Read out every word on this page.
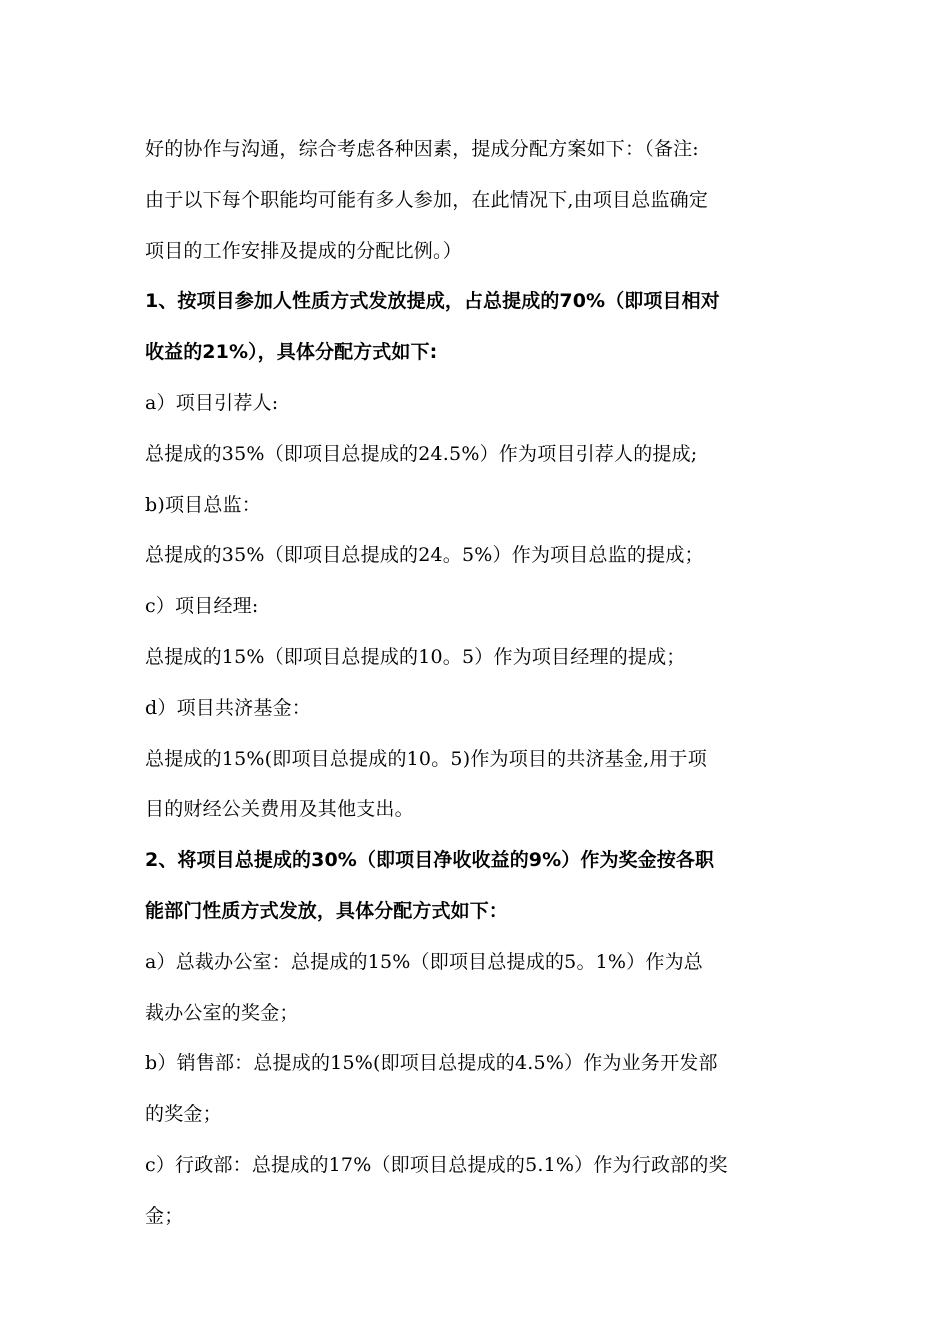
好的协作与沟通，综合考虑各种因素，提成分配方案如下：（备注:
由于以下每个职能均可能有多人参加，在此情况下,由项目总监确定
项目的工作安排及提成的分配比例。）
1、按项目参加人性质方式发放提成，占总提成的70%（即项目相对
收益的21%），具体分配方式如下:
a）项目引荐人:
总提成的35%（即项目总提成的24.5%）作为项目引荐人的提成;
b)项目总监：
总提成的35%（即项目总提成的24。5%）作为项目总监的提成；
c）项目经理:
总提成的15%（即项目总提成的10。5）作为项目经理的提成；
d）项目共济基金：
总提成的15%(即项目总提成的10。5)作为项目的共济基金,用于项
目的财经公关费用及其他支出。
2、将项目总提成的30%（即项目净收收益的9%）作为奖金按各职
能部门性质方式发放，具体分配方式如下：
a）总裁办公室：总提成的15%（即项目总提成的5。1%）作为总
裁办公室的奖金；
b）销售部：总提成的15%(即项目总提成的4.5%）作为业务开发部
的奖金；
c）行政部：总提成的17%（即项目总提成的5.1%）作为行政部的奖
金；
